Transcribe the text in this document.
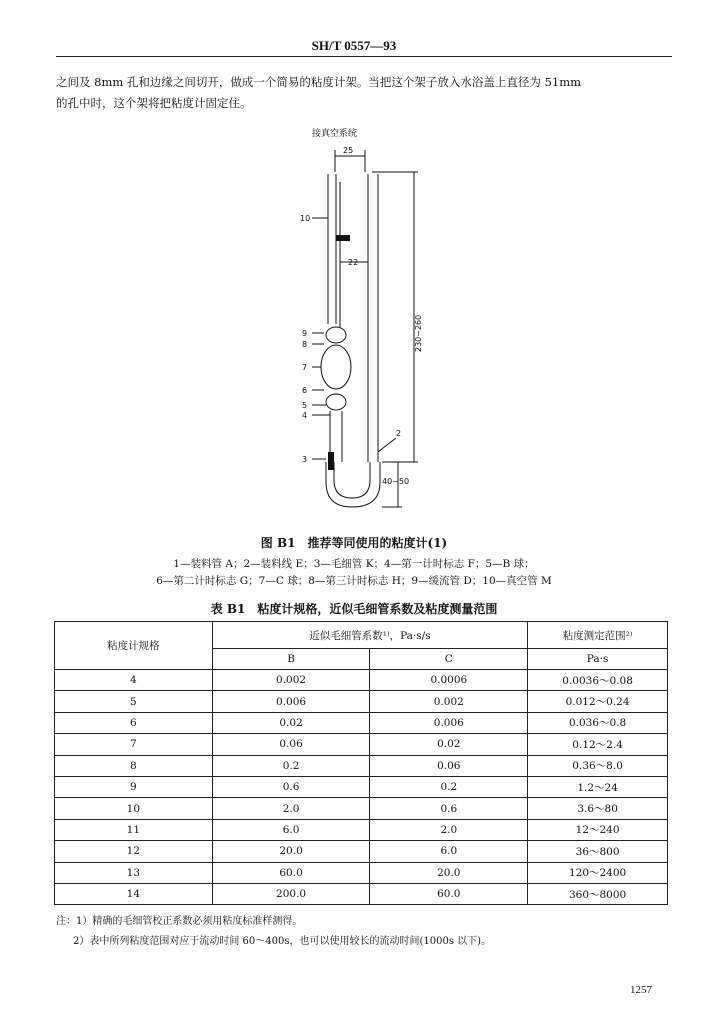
SH/T 0557—93

之间及 8mm 孔和边缘之间切开，做成一个简易的粘度计架。当把这个架子放入水浴盖上直径为 51mm

的孔中时，这个架将把粘度计固定住。

接真空系统
25
22
230~260
40~50
10
9
8
7
6
5
4
3
2
图 B1　推荐等同使用的粘度计(1)
1—装料管 A；2—装料线 E；3—毛细管 K；4—第一计时标志 F；5—B 球；
6—第二计时标志 G；7—C 球；8—第三计时标志 H；9—缓流管 D；10—真空管 M
表 B1　粘度计规格，近似毛细管系数及粘度测量范围
粘度计规格	近似毛细管系数¹⁾，Pa·s/s		粘度测定范围²⁾
	B	C	Pa·s
4	0.002	0.0006	0.0036～0.08
5	0.006	0.002	0.012～0.24
6	0.02	0.006	0.036～0.8
7	0.06	0.02	0.12～2.4
8	0.2	0.06	0.36～8.0
9	0.6	0.2	1.2～24
10	2.0	0.6	3.6～80
11	6.0	2.0	12～240
12	20.0	6.0	36～800
13	60.0	20.0	120～2400
14	200.0	60.0	360～8000
注：1）精确的毛细管校正系数必须用粘度标准样测得。
2）表中所列粘度范围对应于流动时间 60～400s，也可以使用较长的流动时间(1000s 以下)。
1257
